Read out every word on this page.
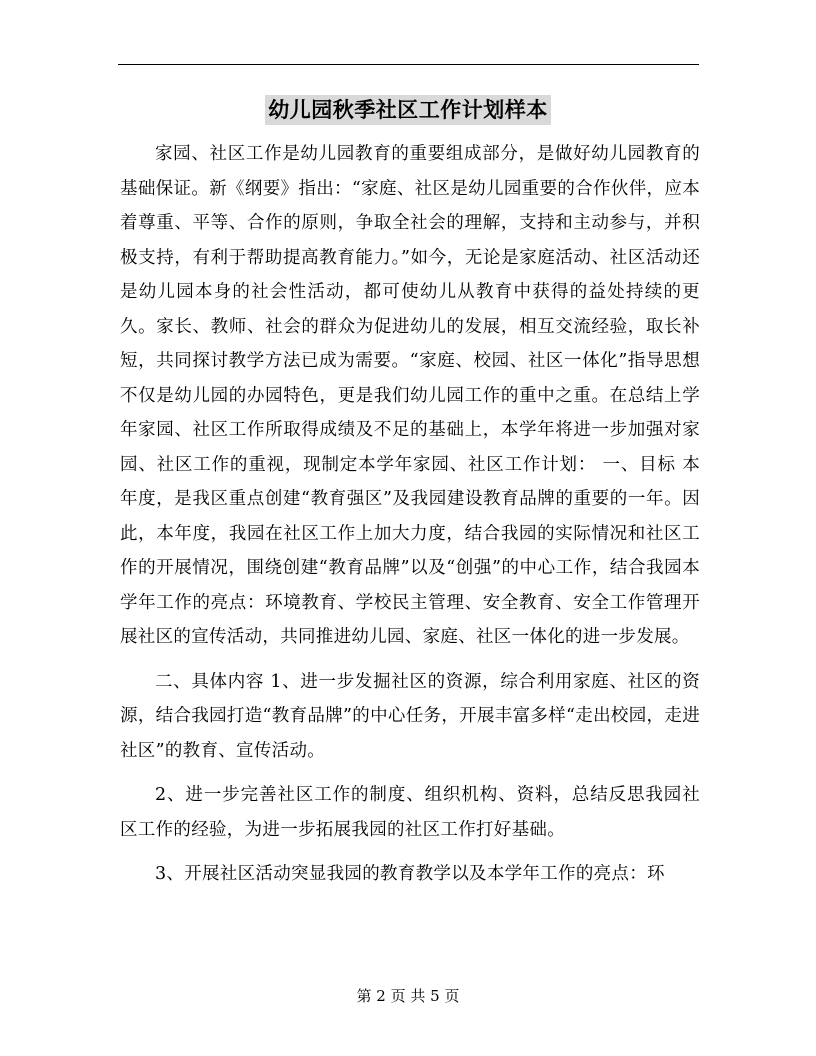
幼儿园秋季社区工作计划样本

家园、社区工作是幼儿园教育的重要组成部分，是做好幼儿园教育的基础保证。新《纲要》指出：“家庭、社区是幼儿园重要的合作伙伴，应本着尊重、平等、合作的原则，争取全社会的理解，支持和主动参与，并积极支持，有利于帮助提高教育能力。”如今，无论是家庭活动、社区活动还是幼儿园本身的社会性活动，都可使幼儿从教育中获得的益处持续的更久。家长、教师、社会的群众为促进幼儿的发展，相互交流经验，取长补短，共同探讨教学方法已成为需要。“家庭、校园、社区一体化”指导思想不仅是幼儿园的办园特色，更是我们幼儿园工作的重中之重。在总结上学年家园、社区工作所取得成绩及不足的基础上，本学年将进一步加强对家园、社区工作的重视，现制定本学年家园、社区工作计划： 一、目标 本年度，是我区重点创建“教育强区”及我园建设教育品牌的重要的一年。因此，本年度，我园在社区工作上加大力度，结合我园的实际情况和社区工作的开展情况，围绕创建“教育品牌”以及“创强”的中心工作，结合我园本学年工作的亮点：环境教育、学校民主管理、安全教育、安全工作管理开展社区的宣传活动，共同推进幼儿园、家庭、社区一体化的进一步发展。

二、具体内容 1、进一步发掘社区的资源，综合利用家庭、社区的资源，结合我园打造“教育品牌”的中心任务，开展丰富多样“走出校园，走进社区”的教育、宣传活动。

2、进一步完善社区工作的制度、组织机构、资料，总结反思我园社区工作的经验，为进一步拓展我园的社区工作打好基础。

3、开展社区活动突显我园的教育教学以及本学年工作的亮点：环

第 2 页 共 5 页
